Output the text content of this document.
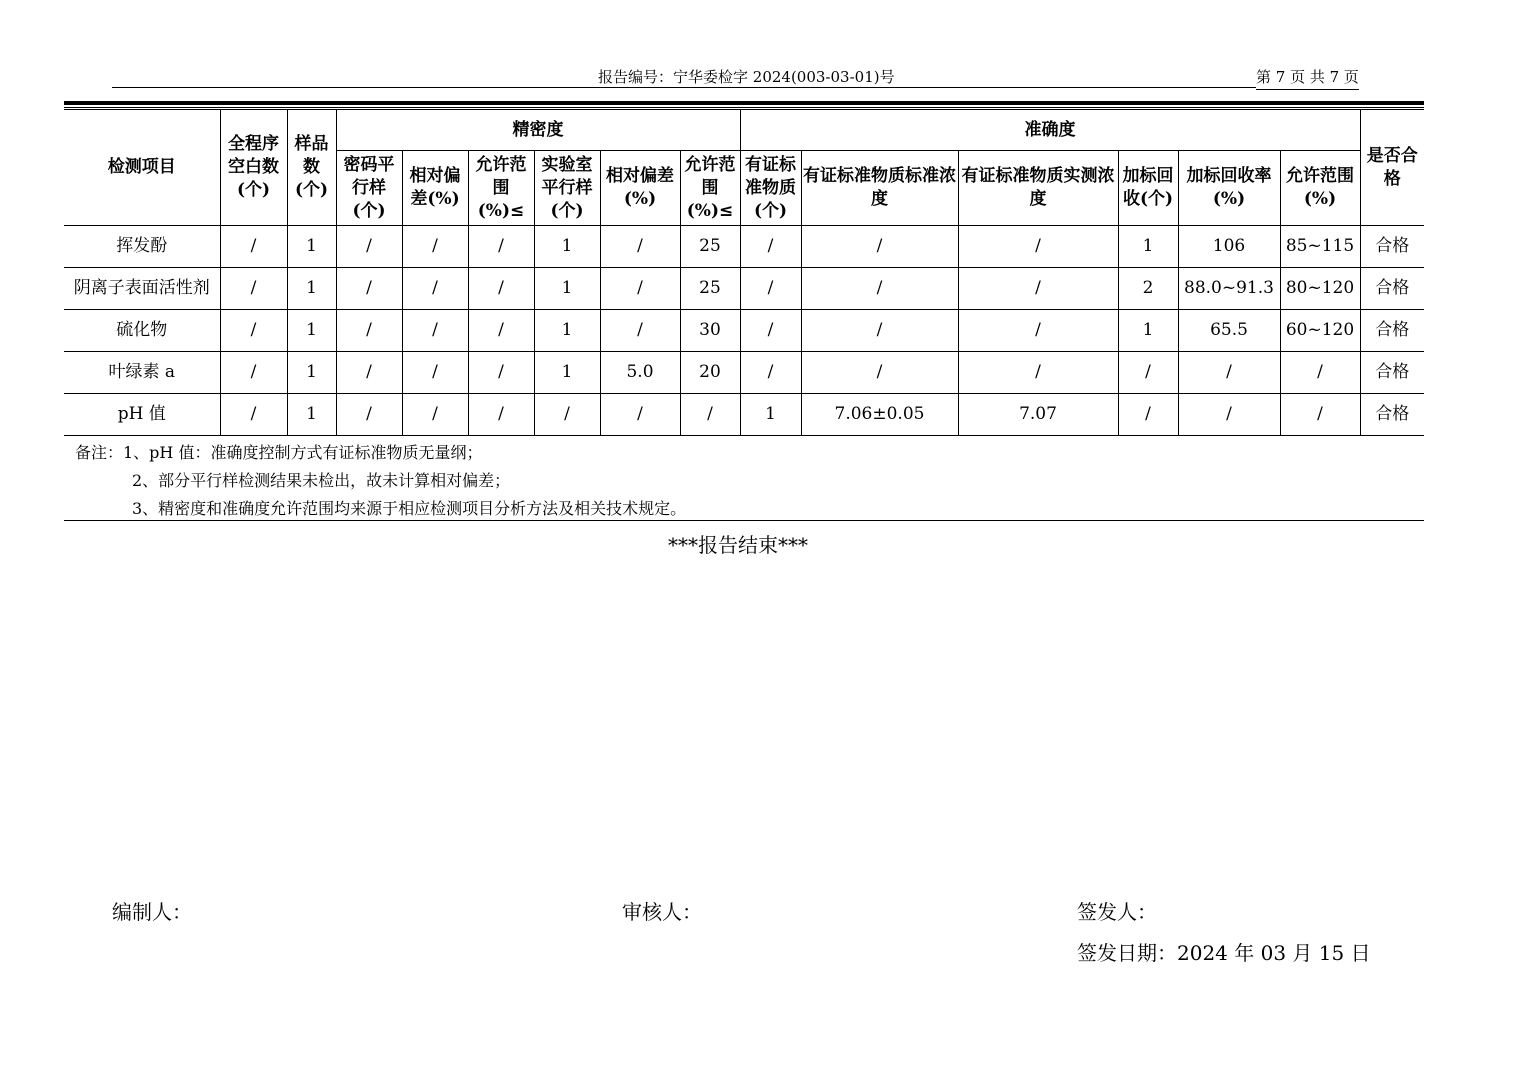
报告编号：宁华委检字 2024(003-03-01)号	第 7 页 共 7 页
检测项目	全程序空白数(个)	样品数(个)	精密度						准确度						是否合格
			密码平行样(个)	相对偏差(%)	允许范围(%)≤	实验室平行样(个)	相对偏差(%)	允许范围(%)≤	有证标准物质(个)	有证标准物质标准浓度	有证标准物质实测浓度	加标回收(个)	加标回收率(%)	允许范围(%)	
挥发酚	/	1	/	/	/	1	/	25	/	/	/	1	106	85~115	合格
阴离子表面活性剂	/	1	/	/	/	1	/	25	/	/	/	2	88.0~91.3	80~120	合格
硫化物	/	1	/	/	/	1	/	30	/	/	/	1	65.5	60~120	合格
叶绿素 a	/	1	/	/	/	1	5.0	20	/	/	/	/	/	/	合格
pH 值	/	1	/	/	/	/	/	/	1	7.06±0.05	7.07	/	/	/	合格
备注：1、pH 值：准确度控制方式有证标准物质无量纲；
2、部分平行样检测结果未检出，故未计算相对偏差；
3、精密度和准确度允许范围均来源于相应检测项目分析方法及相关技术规定。
***报告结束***
编制人：	审核人：	签发人：
签发日期：2024 年 03 月 15 日
